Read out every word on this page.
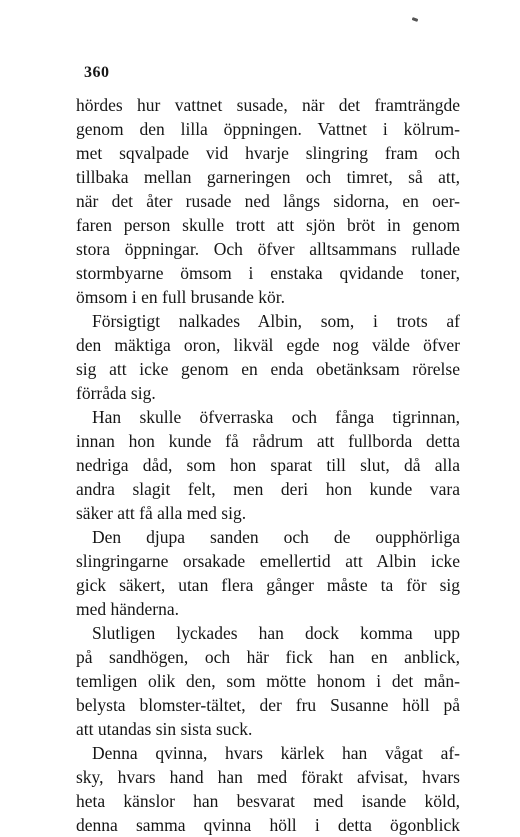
360
hördes hur vattnet susade, när det framträngde
genom den lilla öppningen. Vattnet i kölrum-
met sqvalpade vid hvarje slingring fram och
tillbaka mellan garneringen och timret, så att,
när det åter rusade ned långs sidorna, en oer-
faren person skulle trott att sjön bröt in genom
stora öppningar. Och öfver alltsammans rullade
stormbyarne ömsom i enstaka qvidande toner,
ömsom i en full brusande kör.
Försigtigt nalkades Albin, som, i trots af
den mäktiga oron, likväl egde nog välde öfver
sig att icke genom en enda obetänksam rörelse
förråda sig.
Han skulle öfverraska och fånga tigrinnan,
innan hon kunde få rådrum att fullborda detta
nedriga dåd, som hon sparat till slut, då alla
andra slagit felt, men deri hon kunde vara
säker att få alla med sig.
Den djupa sanden och de oupphörliga
slingringarne orsakade emellertid att Albin icke
gick säkert, utan flera gånger måste ta för sig
med händerna.
Slutligen lyckades han dock komma upp
på sandhögen, och här fick han en anblick,
temligen olik den, som mötte honom i det mån-
belysta blomster-tältet, der fru Susanne höll på
att utandas sin sista suck.
Denna qvinna, hvars kärlek han vågat af-
sky, hvars hand han med förakt afvisat, hvars
heta känslor han besvarat med isande köld,
denna samma qvinna höll i detta ögonblick
